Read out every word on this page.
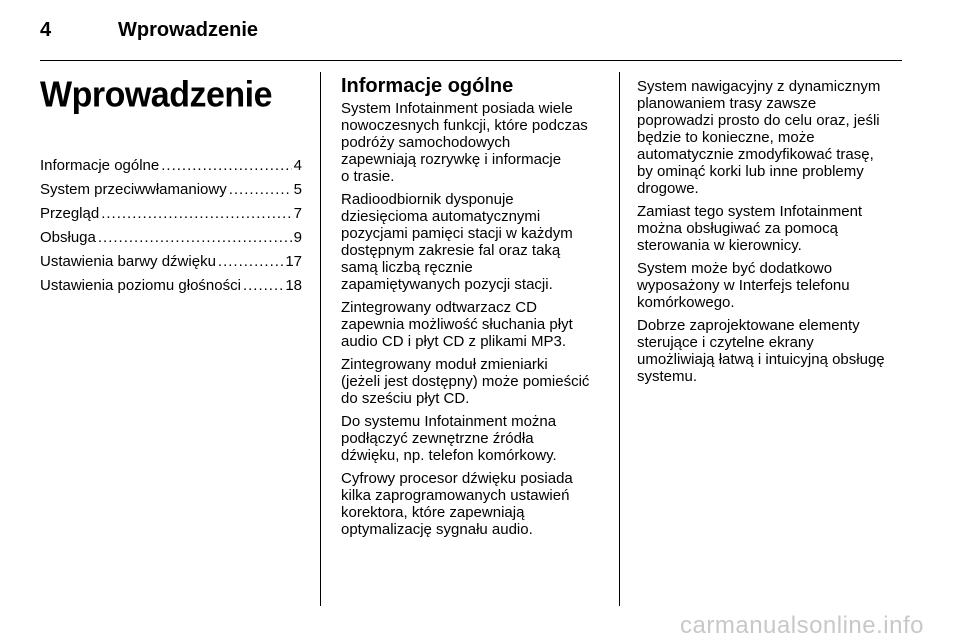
4	Wprowadzenie
Wprowadzenie
Informacje ogólne .....	4
System przeciwwłamaniowy .....	5
Przegląd .....	7
Obsługa .....	9
Ustawienia barwy dźwięku .....	17
Ustawienia poziomu głośności .....	18
Informacje ogólne

System Infotainment posiada wiele
nowoczesnych funkcji, które podczas
podróży samochodowych
zapewniają rozrywkę i informacje
o trasie.

Radioodbiornik dysponuje
dziesięcioma automatycznymi
pozycjami pamięci stacji w każdym
dostępnym zakresie fal oraz taką
samą liczbą ręcznie
zapamiętywanych pozycji stacji.

Zintegrowany odtwarzacz CD
zapewnia możliwość słuchania płyt
audio CD i płyt CD z plikami MP3.

Zintegrowany moduł zmieniarki
(jeżeli jest dostępny) może pomieścić
do sześciu płyt CD.

Do systemu Infotainment można
podłączyć zewnętrzne źródła
dźwięku, np. telefon komórkowy.

Cyfrowy procesor dźwięku posiada
kilka zaprogramowanych ustawień
korektora, które zapewniają
optymalizację sygnału audio.

System nawigacyjny z dynamicznym
planowaniem trasy zawsze
poprowadzi prosto do celu oraz, jeśli
będzie to konieczne, może
automatycznie zmodyfikować trasę,
by ominąć korki lub inne problemy
drogowe.

Zamiast tego system Infotainment
można obsługiwać za pomocą
sterowania w kierownicy.

System może być dodatkowo
wyposażony w Interfejs telefonu
komórkowego.

Dobrze zaprojektowane elementy
sterujące i czytelne ekrany
umożliwiają łatwą i intuicyjną obsługę
systemu.

carmanualsonline.info
